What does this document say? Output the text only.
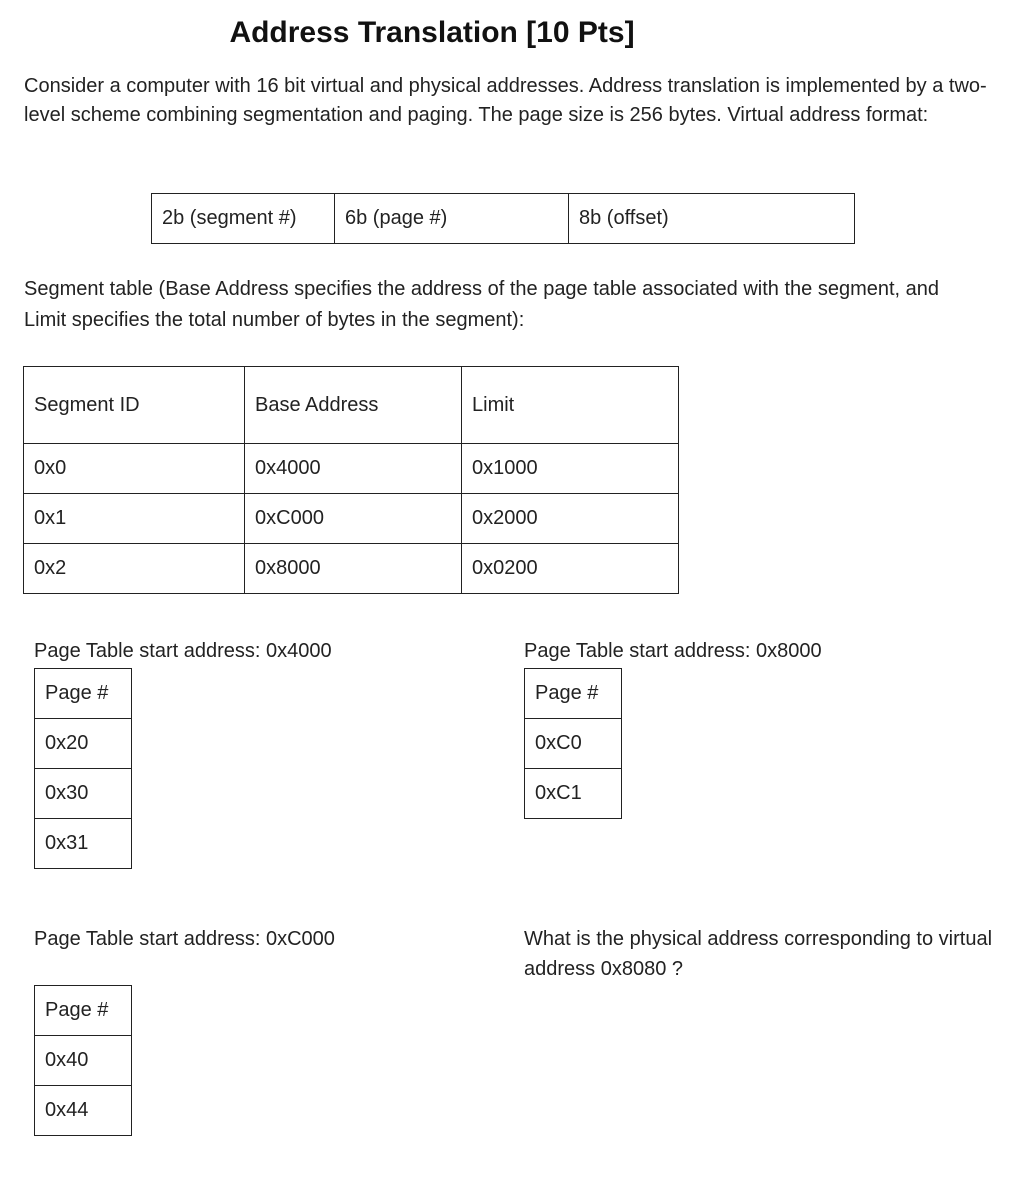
Address Translation [10 Pts]

Consider a computer with 16 bit virtual and physical addresses. Address translation is implemented by a two-level scheme combining segmentation and paging. The page size is 256 bytes. Virtual address format:

2b (segment #)	6b (page #)	8b (offset)

Segment table (Base Address specifies the address of the page table associated with the segment, and Limit specifies the total number of bytes in the segment):

Segment ID	Base Address	Limit
0x0	0x4000	0x1000
0x1	0xC000	0x2000
0x2	0x8000	0x0200

Page Table start address: 0x4000

Page #
0x20
0x30
0x31

Page Table start address: 0x8000

Page #
0xC0
0xC1

Page Table start address: 0xC000

Page #
0x40
0x44

What is the physical address corresponding to virtual address 0x8080 ?
